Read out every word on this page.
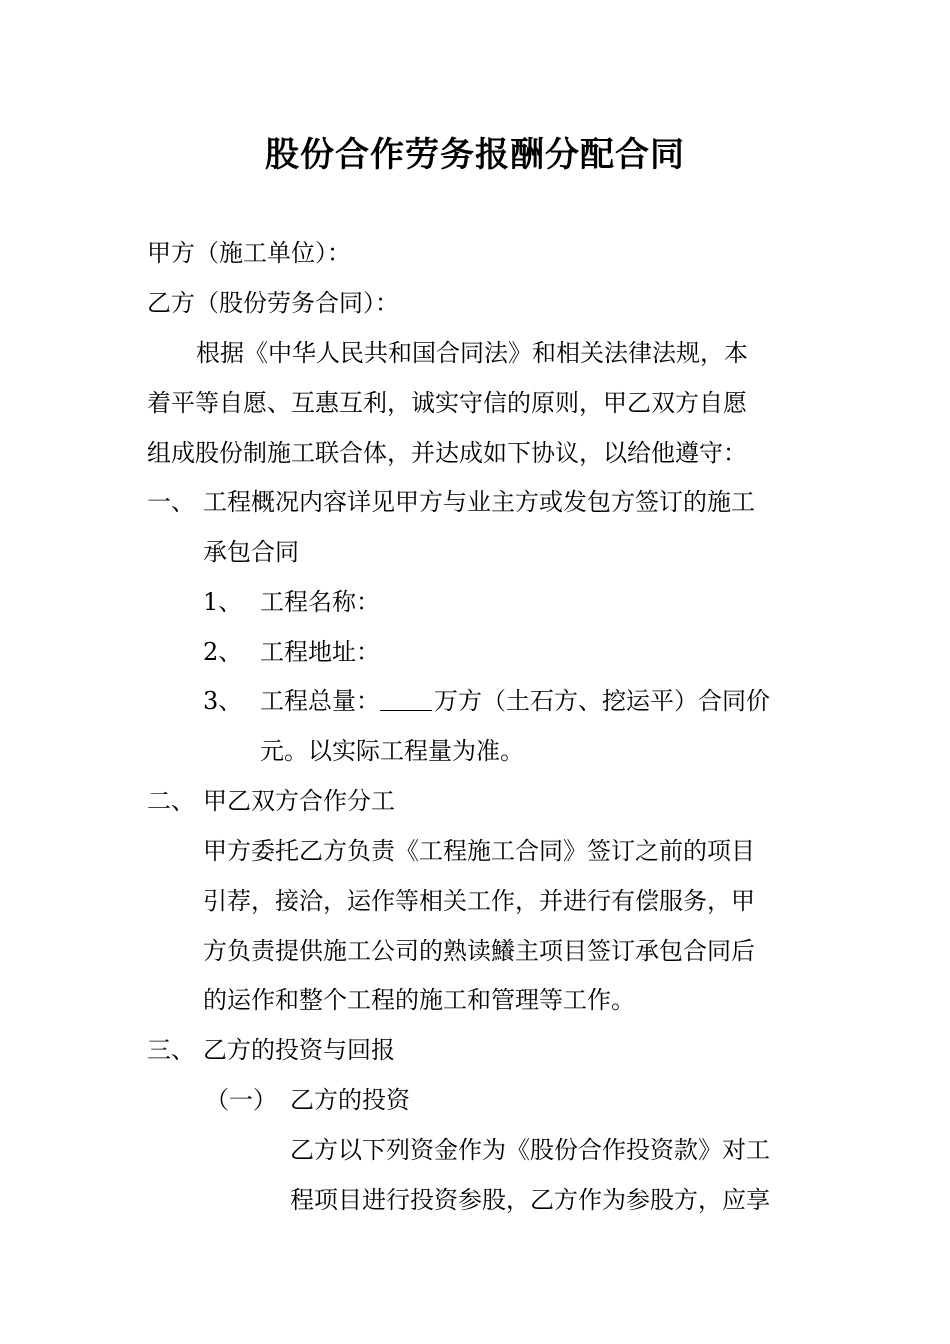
股份合作劳务报酬分配合同
甲方（施工单位）：
乙方（股份劳务合同）：
根据《中华人民共和国合同法》和相关法律法规，本
着平等自愿、互惠互利，诚实守信的原则，甲乙双方自愿
组成股份制施工联合体，并达成如下协议，以给他遵守：
一、 工程概况内容详见甲方与业主方或发包方签订的施工
承包合同
1、 工程名称：
2、 工程地址：
3、 工程总量： 万方（土石方、挖运平）合同价
元。以实际工程量为准。
二、 甲乙双方合作分工
甲方委托乙方负责《工程施工合同》签订之前的项目
引荐，接洽，运作等相关工作，并进行有偿服务，甲
方负责提供施工公司的熟读鱶主项目签订承包合同后
的运作和整个工程的施工和管理等工作。
三、 乙方的投资与回报
（一） 乙方的投资
乙方以下列资金作为《股份合作投资款》对工
程项目进行投资参股，乙方作为参股方，应享
